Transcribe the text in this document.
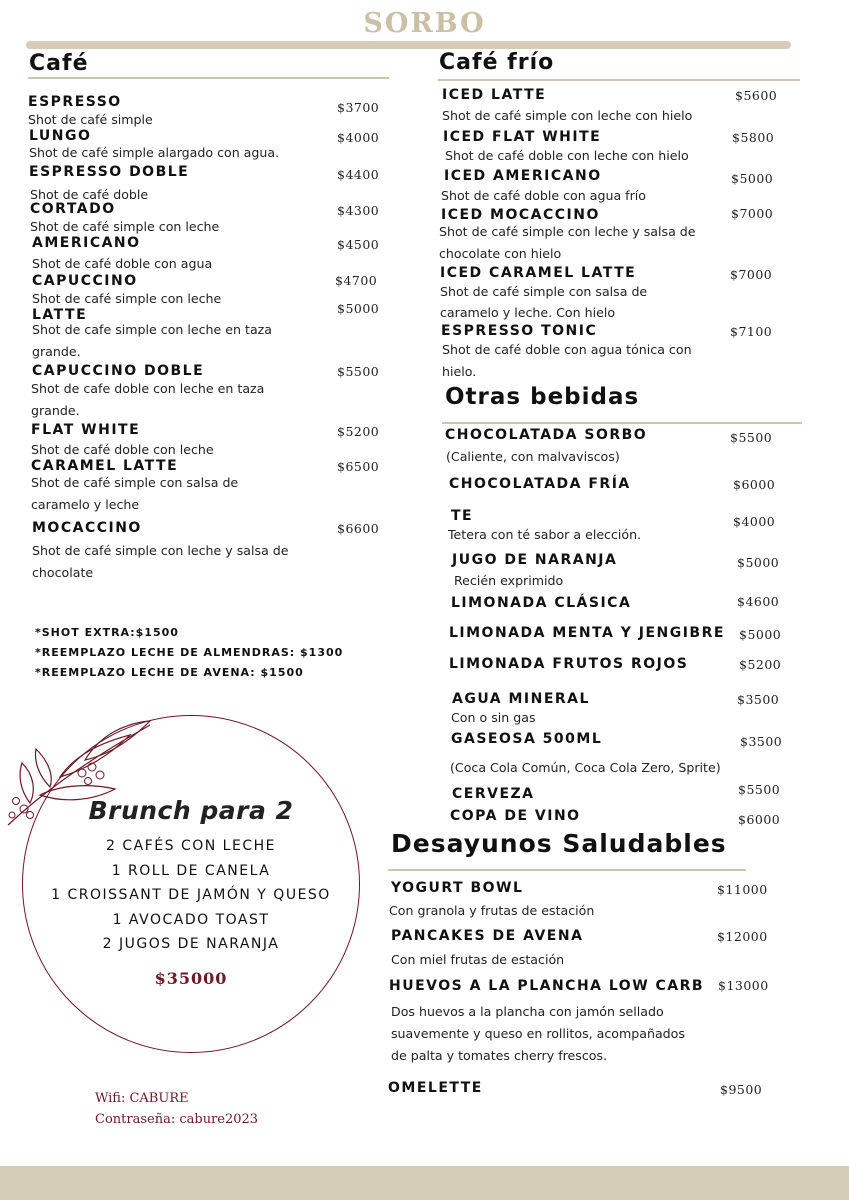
SORBO
Café
ESPRESSO	$3700
Shot de café simple
LUNGO	$4000
Shot de café simple alargado con agua.
ESPRESSO DOBLE	$4400
Shot de café doble
CORTADO	$4300
Shot de café simple con leche
AMERICANO	$4500
Shot de café doble con agua
CAPUCCINO	$4700
Shot de café simple con leche
LATTE	$5000
Shot de cafe simple con leche en taza
grande.
CAPUCCINO DOBLE	$5500
Shot de cafe doble con leche en taza
grande.
FLAT WHITE	$5200
Shot de café doble con leche
CARAMEL LATTE	$6500
Shot de café simple con salsa de
caramelo y leche
MOCACCINO	$6600
Shot de café simple con leche y salsa de
chocolate
*SHOT EXTRA:$1500
*REEMPLAZO LECHE DE ALMENDRAS: $1300
*REEMPLAZO LECHE DE AVENA: $1500
Café frío
ICED LATTE	$5600
Shot de café simple con leche con hielo
ICED FLAT WHITE	$5800
Shot de café doble con leche con hielo
ICED AMERICANO	$5000
Shot de café doble con agua frío
ICED MOCACCINO	$7000
Shot de café simple con leche y salsa de
chocolate con hielo
ICED CARAMEL LATTE	$7000
Shot de café simple con salsa de
caramelo y leche. Con hielo
ESPRESSO TONIC	$7100
Shot de café doble con agua tónica con
hielo.
Otras bebidas
CHOCOLATADA SORBO	$5500
(Caliente, con malvaviscos)
CHOCOLATADA FRÍA	$6000
TE	$4000
Tetera con té sabor a elección.
JUGO DE NARANJA	$5000
Recién exprimido
LIMONADA CLÁSICA	$4600
LIMONADA MENTA Y JENGIBRE $5000
LIMONADA FRUTOS ROJOS	$5200
AGUA MINERAL	$3500
Con o sin gas
GASEOSA 500ML	$3500
(Coca Cola Común, Coca Cola Zero, Sprite)
CERVEZA	$5500
COPA DE VINO	$6000
Desayunos Saludables
YOGURT BOWL	$11000
Con granola y frutas de estación
PANCAKES DE AVENA	$12000
Con miel frutas de estación
HUEVOS A LA PLANCHA LOW CARB $13000
Dos huevos a la plancha con jamón sellado
suavemente y queso en rollitos, acompañados
de palta y tomates cherry frescos.
OMELETTE	$9500
Brunch para 2
2 CAFÉS CON LECHE
1 ROLL DE CANELA
1 CROISSANT DE JAMÓN Y QUESO
1 AVOCADO TOAST
2 JUGOS DE NARANJA
$35000
Wifi: CABURE
Contraseña: cabure2023
